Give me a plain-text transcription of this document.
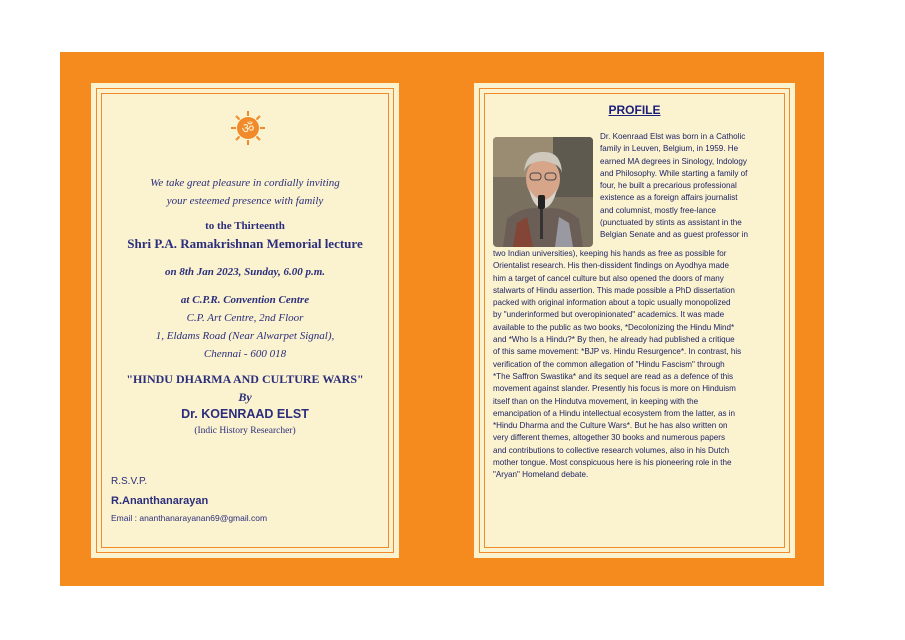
ॐ
We take great pleasure in cordially inviting
your esteemed presence with family
to the Thirteenth
Shri P.A. Ramakrishnan Memorial lecture
on 8th Jan 2023, Sunday, 6.00 p.m.
at C.P.R. Convention Centre
C.P. Art Centre, 2nd Floor
1, Eldams Road (Near Alwarpet Signal),
Chennai - 600 018
"HINDU DHARMA AND CULTURE WARS"
By
Dr. KOENRAAD ELST
(Indic History Researcher)
R.S.V.P.
R.Ananthanarayan
Email : ananthanarayanan69@gmail.com
PROFILE
Dr. Koenraad Elst was born in a Catholic
family in Leuven, Belgium, in 1959. He
earned MA degrees in Sinology, Indology
and Philosophy. While starting a family of
four, he built a precarious professional
existence as a foreign affairs journalist
and columnist, mostly free-lance
(punctuated by stints as assistant in the
Belgian Senate and as guest professor in
two Indian universities), keeping his hands as free as possible for
Orientalist research. His then-dissident findings on Ayodhya made
him a target of cancel culture but also opened the doors of many
stalwarts of Hindu assertion. This made possible a PhD dissertation
packed with original information about a topic usually monopolized
by "underinformed but overopinionated" academics. It was made
available to the public as two books, *Decolonizing the Hindu Mind*
and *Who Is a Hindu?* By then, he already had published a critique
of this same movement: *BJP vs. Hindu Resurgence*. In contrast, his
verification of the common allegation of "Hindu Fascism" through
*The Saffron Swastika* and its sequel are read as a defence of this
movement against slander. Presently his focus is more on Hinduism
itself than on the Hindutva movement, in keeping with the
emancipation of a Hindu intellectual ecosystem from the latter, as in
*Hindu Dharma and the Culture Wars*. But he has also written on
very different themes, altogether 30 books and numerous papers
and contributions to collective research volumes, also in his Dutch
mother tongue. Most conspicuous here is his pioneering role in the
"Aryan" Homeland debate.
